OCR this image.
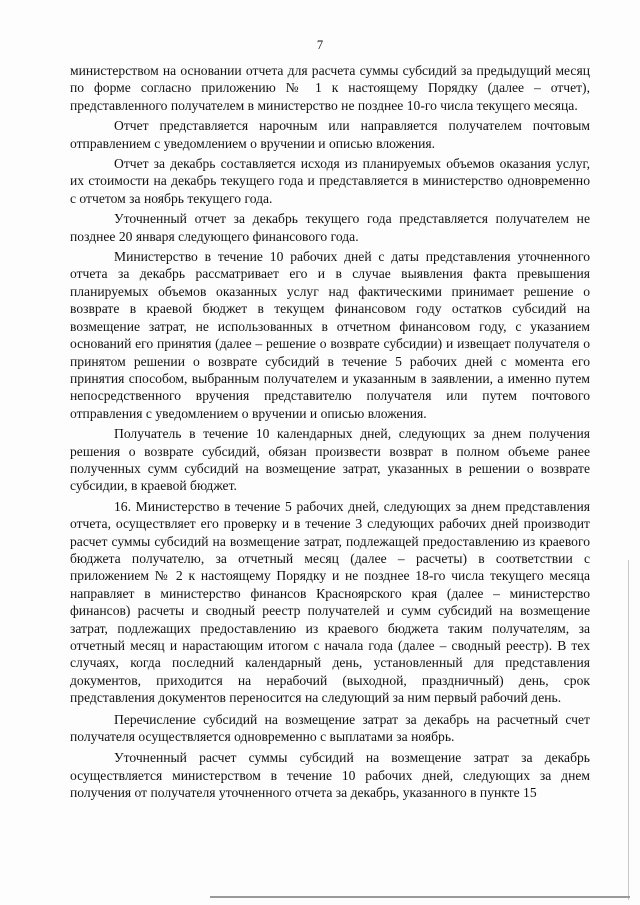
7

министерством на основании отчета для расчета суммы субсидий за предыдущий месяц по форме согласно приложению № 1 к настоящему Порядку (далее – отчет), представленного получателем в министерство не позднее 10-го числа текущего месяца.

Отчет представляется нарочным или направляется получателем почтовым отправлением с уведомлением о вручении и описью вложения.

Отчет за декабрь составляется исходя из планируемых объемов оказания услуг, их стоимости на декабрь текущего года и представляется в министерство одновременно с отчетом за ноябрь текущего года.

Уточненный отчет за декабрь текущего года представляется получателем не позднее 20 января следующего финансового года.

Министерство в течение 10 рабочих дней с даты представления уточненного отчета за декабрь рассматривает его и в случае выявления факта превышения планируемых объемов оказанных услуг над фактическими принимает решение о возврате в краевой бюджет в текущем финансовом году остатков субсидий на возмещение затрат, не использованных в отчетном финансовом году, с указанием оснований его принятия (далее – решение о возврате субсидии) и извещает получателя о принятом решении о возврате субсидий в течение 5 рабочих дней с момента его принятия способом, выбранным получателем и указанным в заявлении, а именно путем непосредственного вручения представителю получателя или путем почтового отправления с уведомлением о вручении и описью вложения.

Получатель в течение 10 календарных дней, следующих за днем получения решения о возврате субсидий, обязан произвести возврат в полном объеме ранее полученных сумм субсидий на возмещение затрат, указанных в решении о возврате субсидии, в краевой бюджет.

16. Министерство в течение 5 рабочих дней, следующих за днем представления отчета, осуществляет его проверку и в течение 3 следующих рабочих дней производит расчет суммы субсидий на возмещение затрат, подлежащей предоставлению из краевого бюджета получателю, за отчетный месяц (далее – расчеты) в соответствии с приложением № 2 к настоящему Порядку и не позднее 18-го числа текущего месяца направляет в министерство финансов Красноярского края (далее – министерство финансов) расчеты и сводный реестр получателей и сумм субсидий на возмещение затрат, подлежащих предоставлению из краевого бюджета таким получателям, за отчетный месяц и нарастающим итогом с начала года (далее – сводный реестр). В тех случаях, когда последний календарный день, установленный для представления документов, приходится на нерабочий (выходной, праздничный) день, срок представления документов переносится на следующий за ним первый рабочий день.

Перечисление субсидий на возмещение затрат за декабрь на расчетный счет получателя осуществляется одновременно с выплатами за ноябрь.

Уточненный расчет суммы субсидий на возмещение затрат за декабрь осуществляется министерством в течение 10 рабочих дней, следующих за днем получения от получателя уточненного отчета за декабрь, указанного в пункте 15
